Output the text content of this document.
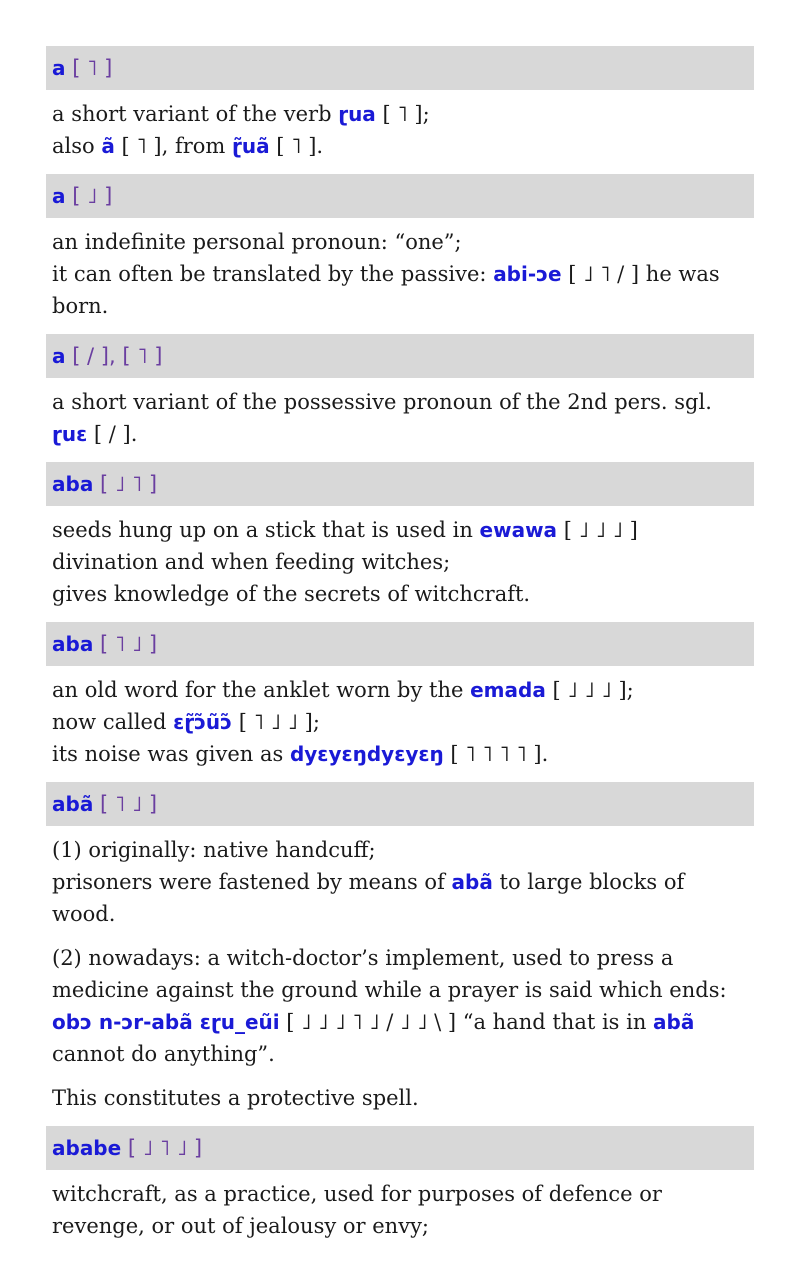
a [ ˥ ]

a short variant of the verb ɽua [ ˥ ];
also ã [ ˥ ], from ɽ̃uã [ ˥ ].

a [ ˩ ]

an indefinite personal pronoun: “one”;
it can often be translated by the passive: abi-ɔe [ ˩ ˥ / ] he was born.

a [ / ], [ ˥ ]

a short variant of the possessive pronoun of the 2nd pers. sgl. ɽuɛ [ / ].

aba [ ˩ ˥ ]

seeds hung up on a stick that is used in ewawa [ ˩ ˩ ˩ ] divination and when feeding witches;
gives knowledge of the secrets of witchcraft.

aba [ ˥ ˩ ]

an old word for the anklet worn by the emada [ ˩ ˩ ˩ ];
now called ɛɽ̃ɔ̃ũɔ̃ [ ˥ ˩ ˩ ];
its noise was given as dyɛyɛŋdyɛyɛŋ [ ˥ ˥ ˥ ˥ ].

abã [ ˥ ˩ ]

(1) originally: native handcuff;
prisoners were fastened by means of abã to large blocks of wood.

(2) nowadays: a witch-doctor’s implement, used to press a medicine against the ground while a prayer is said which ends: obɔ n-ɔr-abã ɛɽu_eũi [ ˩ ˩ ˩ ˥ ˩ / ˩ ˩ \ ] “a hand that is in abã cannot do anything”.

This constitutes a protective spell.

ababe [ ˩ ˥ ˩ ]

witchcraft, as a practice, used for purposes of defence or revenge, or out of jealousy or envy;
